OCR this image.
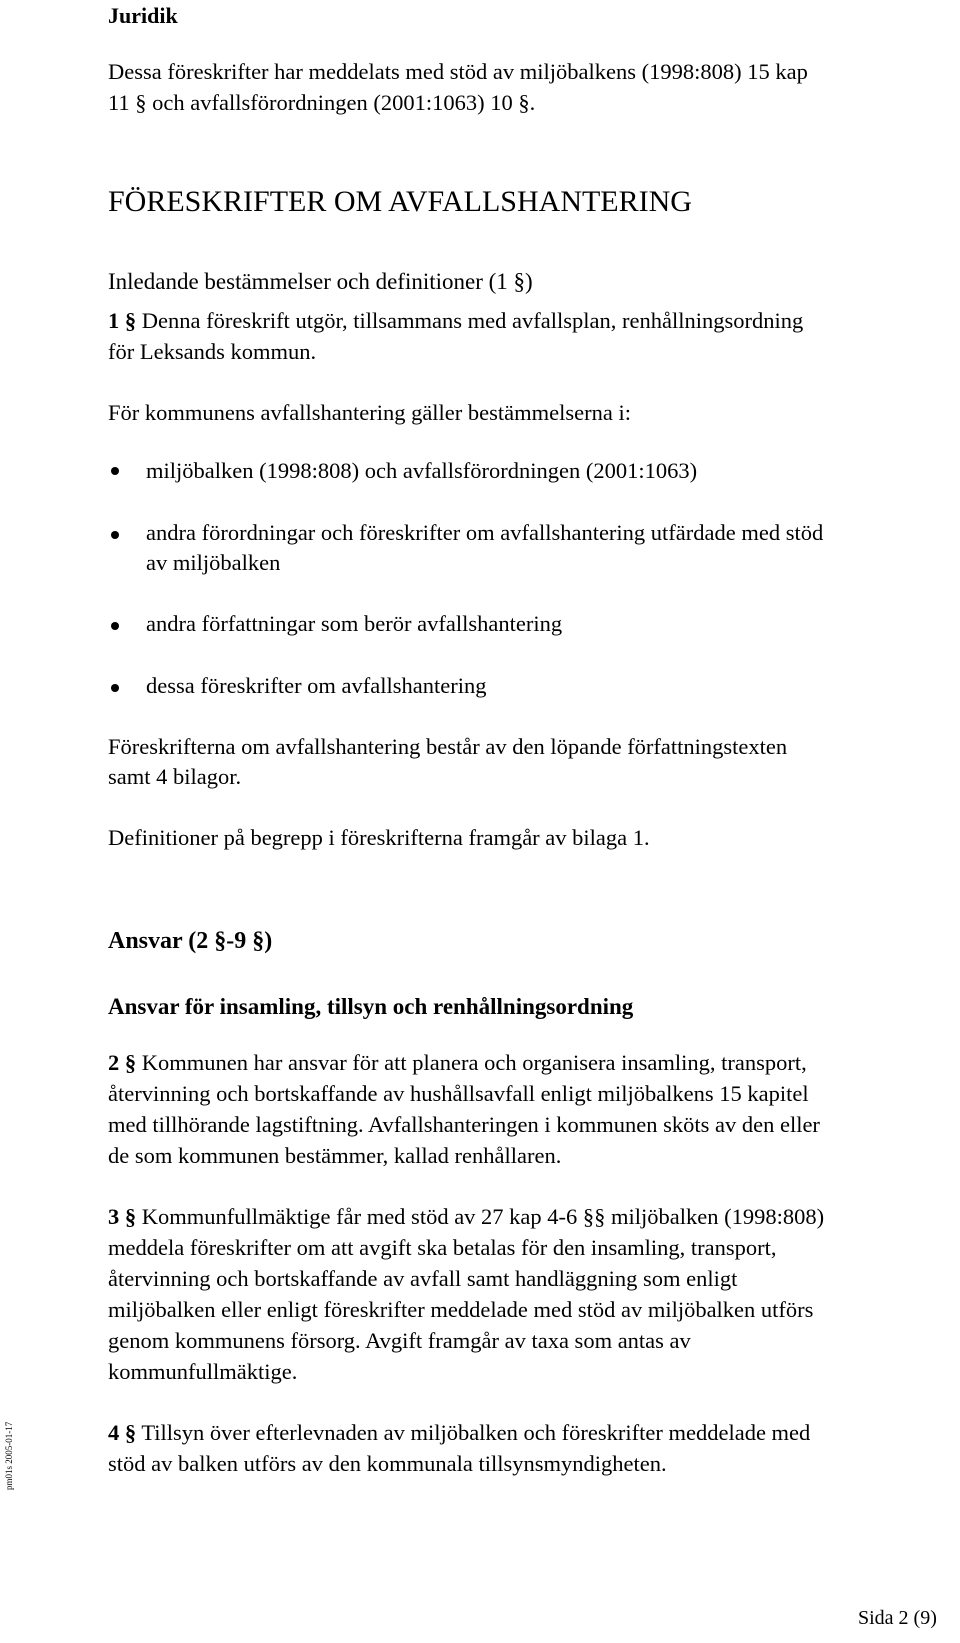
Juridik

Dessa föreskrifter har meddelats med stöd av miljöbalkens (1998:808) 15 kap

11 § och avfallsförordningen (2001:1063) 10 §.

FÖRESKRIFTER OM AVFALLSHANTERING

Inledande bestämmelser och definitioner (1 §)

1 § Denna föreskrift utgör, tillsammans med avfallsplan, renhållningsordning

för Leksands kommun.

För kommunens avfallshantering gäller bestämmelserna i:

miljöbalken (1998:808) och avfallsförordningen (2001:1063)

andra förordningar och föreskrifter om avfallshantering utfärdade med stöd

av miljöbalken

andra författningar som berör avfallshantering

dessa föreskrifter om avfallshantering

Föreskrifterna om avfallshantering består av den löpande författningstexten

samt 4 bilagor.

Definitioner på begrepp i föreskrifterna framgår av bilaga 1.

Ansvar (2 §-9 §)

Ansvar för insamling, tillsyn och renhållningsordning

2 § Kommunen har ansvar för att planera och organisera insamling, transport,

återvinning och bortskaffande av hushållsavfall enligt miljöbalkens 15 kapitel

med tillhörande lagstiftning. Avfallshanteringen i kommunen sköts av den eller

de som kommunen bestämmer, kallad renhållaren.

3 § Kommunfullmäktige får med stöd av 27 kap 4-6 §§ miljöbalken (1998:808)

meddela föreskrifter om att avgift ska betalas för den insamling, transport,

återvinning och bortskaffande av avfall samt handläggning som enligt

miljöbalken eller enligt föreskrifter meddelade med stöd av miljöbalken utförs

genom kommunens försorg. Avgift framgår av taxa som antas av

kommunfullmäktige.

4 § Tillsyn över efterlevnaden av miljöbalken och föreskrifter meddelade med

stöd av balken utförs av den kommunala tillsynsmyndigheten.

pm01s 2005-01-17
Sida 2 (9)
